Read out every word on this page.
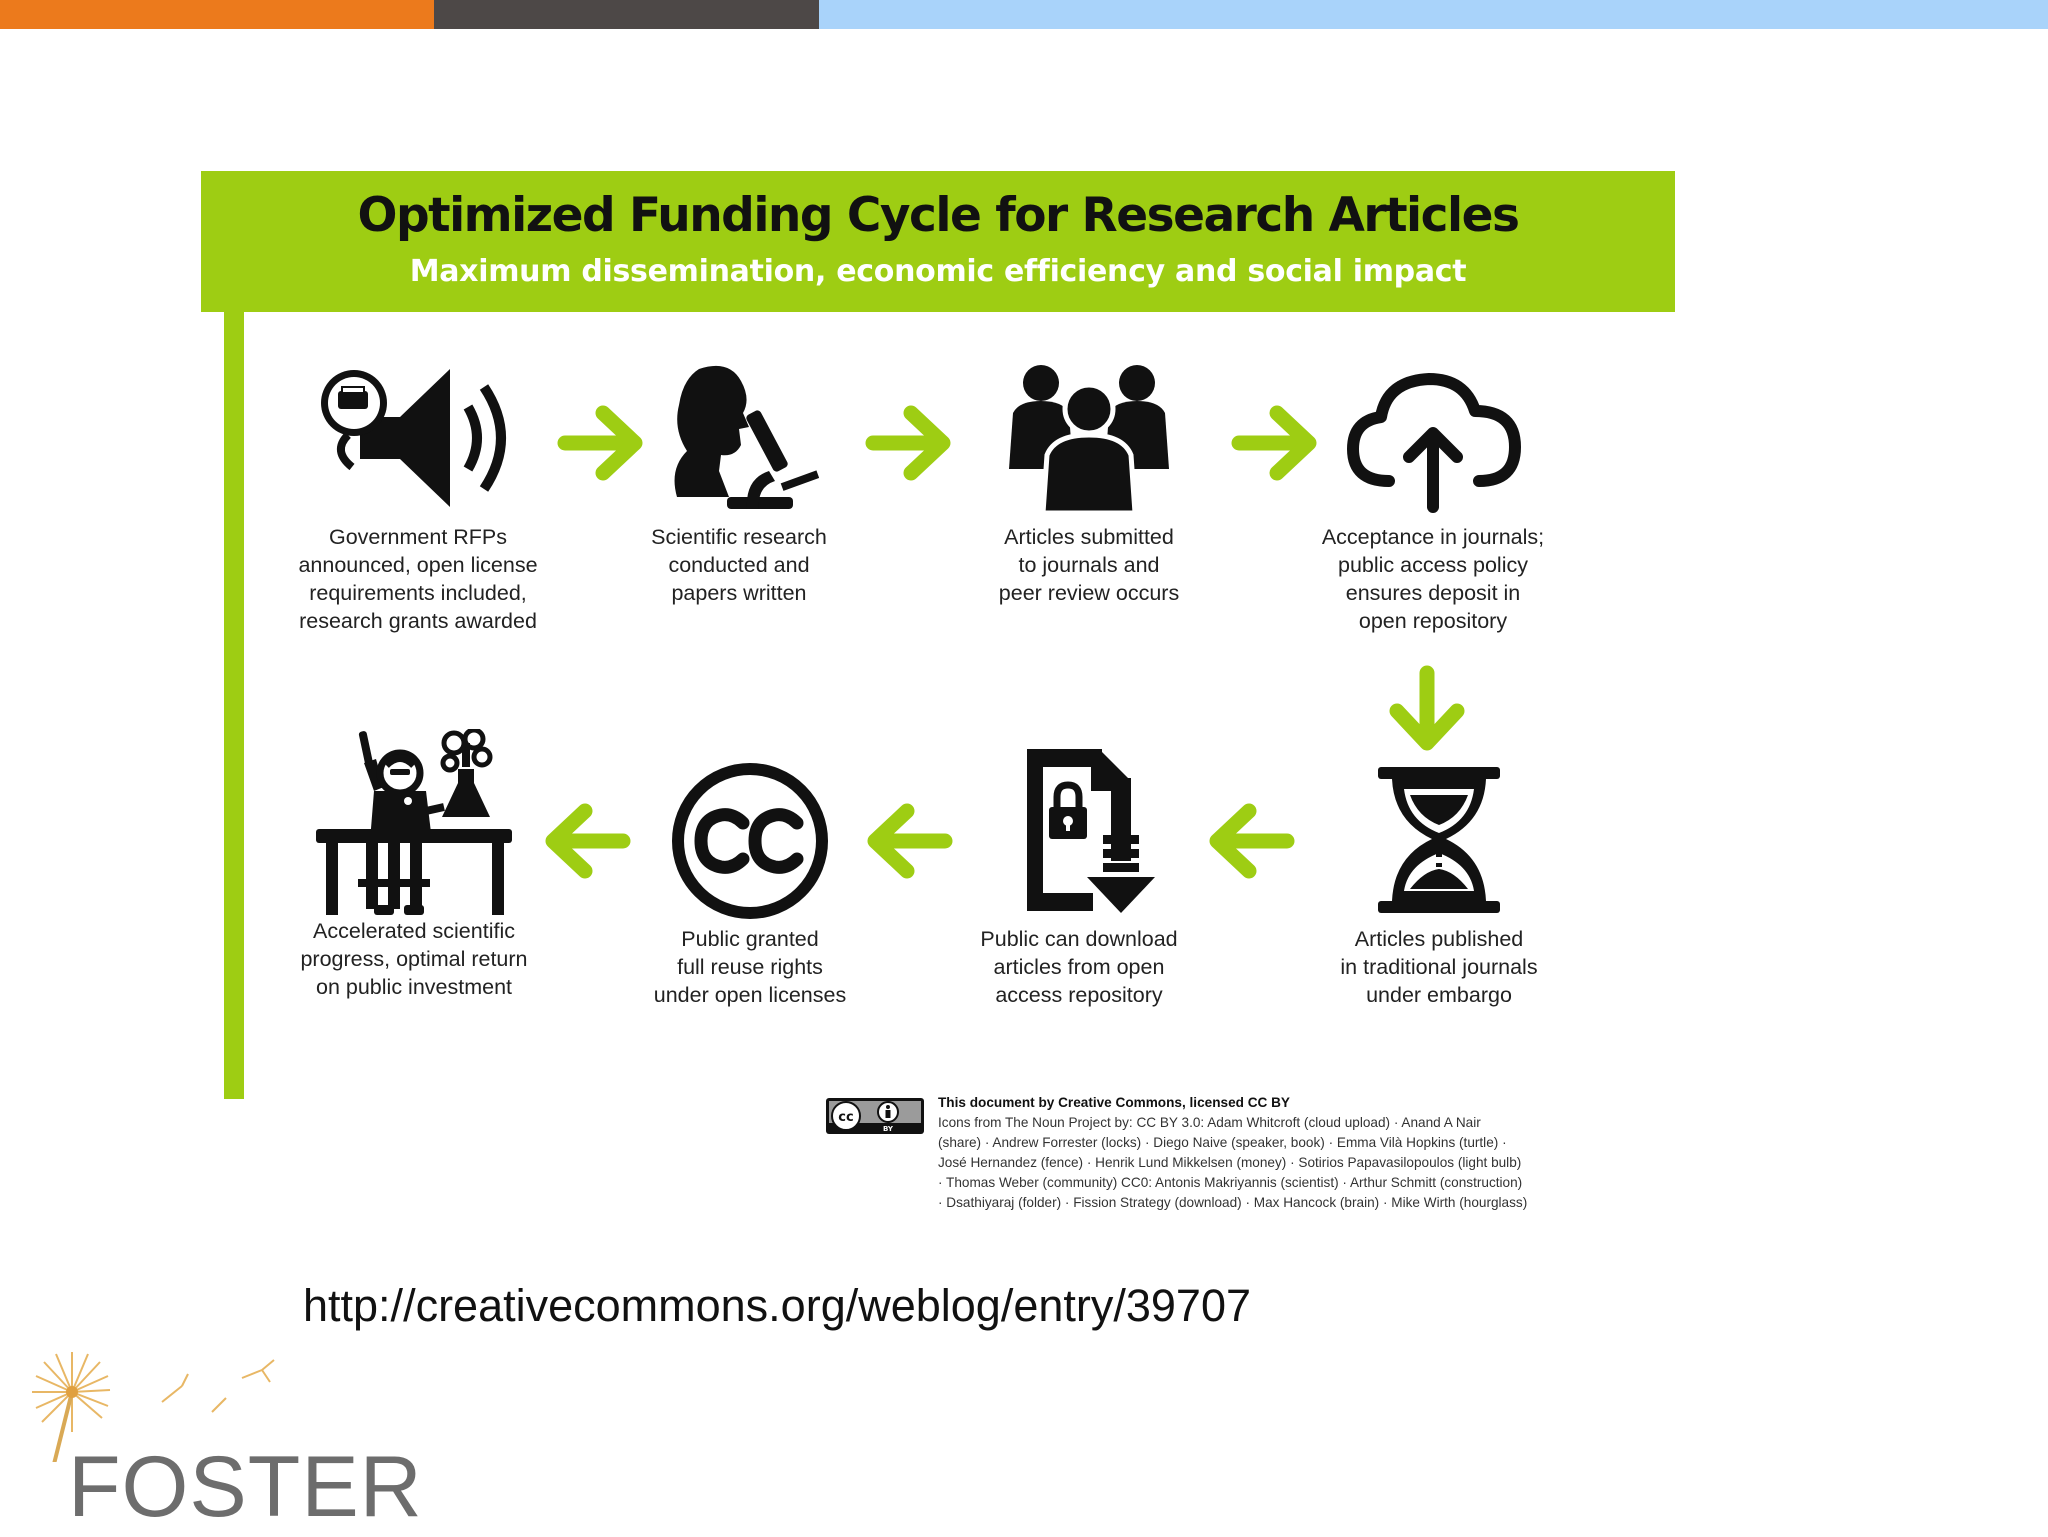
Optimized Funding Cycle for Research Articles
Maximum dissemination, economic efficiency and social impact
Government RFPs
announced, open license
requirements included,
research grants awarded
Scientific research
conducted and
papers written
Articles submitted
to journals and
peer review occurs
Acceptance in journals;
public access policy
ensures deposit in
open repository
Articles published
in traditional journals
under embargo
Public can download
articles from open
access repository
Public granted
full reuse rights
under open licenses
Accelerated scientific
progress, optimal return
on public investment
cc
BY
This document by Creative Commons, licensed CC BY
Icons from The Noun Project by: CC BY 3.0: Adam Whitcroft (cloud upload) · Anand A Nair
(share) · Andrew Forrester (locks) · Diego Naive (speaker, book) · Emma Vilà Hopkins (turtle) ·
José Hernandez (fence) · Henrik Lund Mikkelsen (money) · Sotirios Papavasilopoulos (light bulb)
· Thomas Weber (community) CC0: Antonis Makriyannis (scientist) · Arthur Schmitt (construction)
· Dsathiyaraj (folder) · Fission Strategy (download) · Max Hancock (brain) · Mike Wirth (hourglass)
http://creativecommons.org/weblog/entry/39707
FOSTER
